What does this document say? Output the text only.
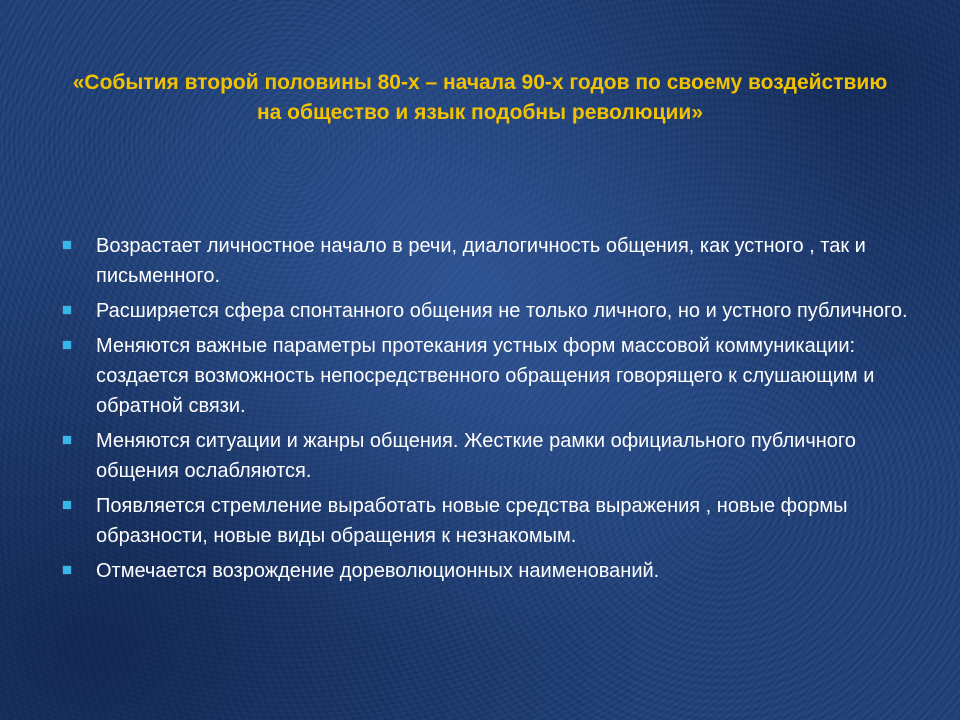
«События второй половины 80-х – начала 90-х годов по своему воздействию на общество и язык подобны революции»
Возрастает личностное начало в речи, диалогичность общения, как устного , так и письменного.
Расширяется сфера спонтанного общения не только личного, но и устного публичного.
Меняются важные параметры протекания устных форм массовой коммуникации: создается возможность непосредственного обращения говорящего к слушающим и обратной связи.
Меняются ситуации и жанры общения. Жесткие рамки официального публичного общения ослабляются.
Появляется стремление выработать новые средства выражения , новые формы образности, новые виды обращения к незнакомым.
Отмечается возрождение дореволюционных наименований.
